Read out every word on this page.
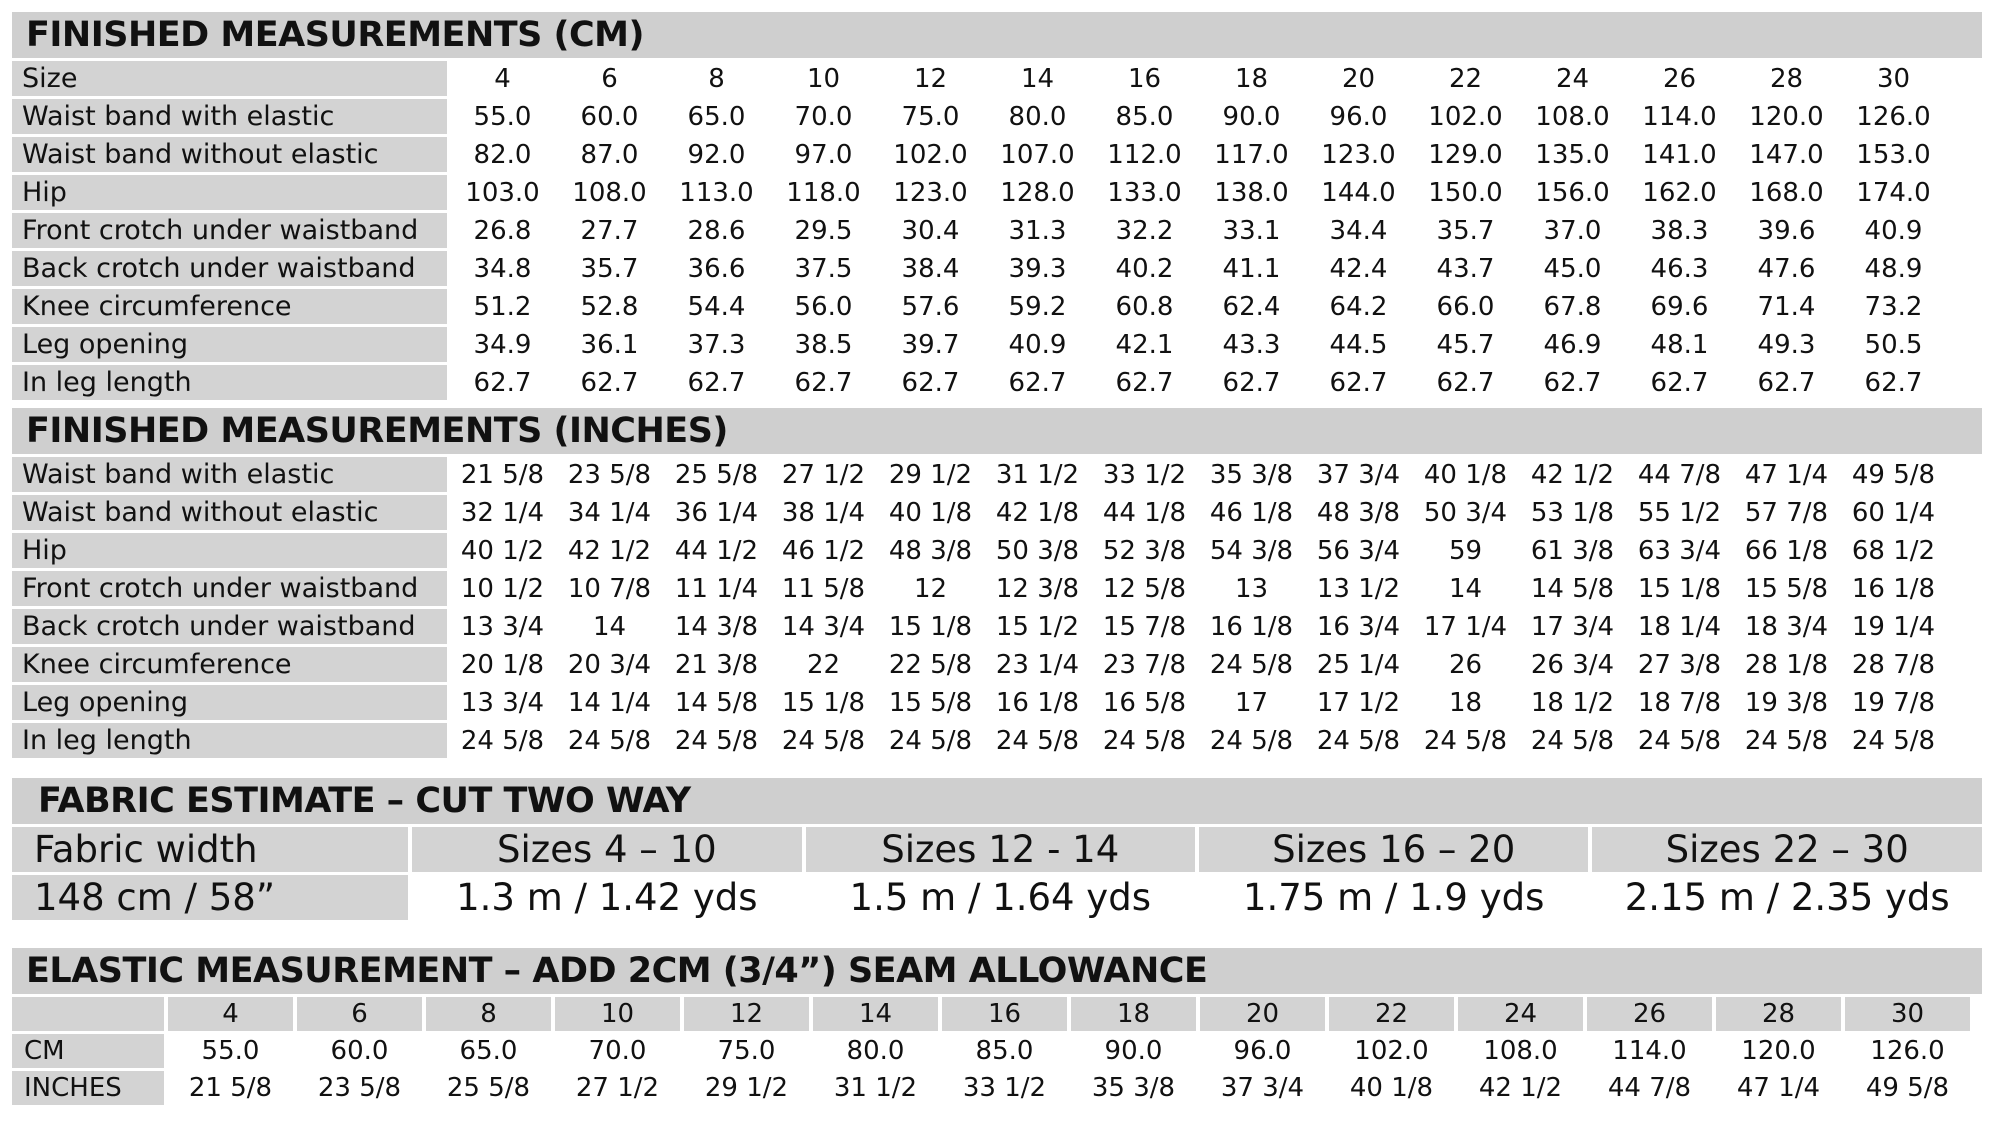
FINISHED MEASUREMENTS (CM)
Size	4	6	8	10	12	14	16	18	20	22	24	26	28	30
Waist band with elastic	55.0	60.0	65.0	70.0	75.0	80.0	85.0	90.0	96.0	102.0	108.0	114.0	120.0	126.0
Waist band without elastic	82.0	87.0	92.0	97.0	102.0	107.0	112.0	117.0	123.0	129.0	135.0	141.0	147.0	153.0
Hip	103.0	108.0	113.0	118.0	123.0	128.0	133.0	138.0	144.0	150.0	156.0	162.0	168.0	174.0
Front crotch under waistband	26.8	27.7	28.6	29.5	30.4	31.3	32.2	33.1	34.4	35.7	37.0	38.3	39.6	40.9
Back crotch under waistband	34.8	35.7	36.6	37.5	38.4	39.3	40.2	41.1	42.4	43.7	45.0	46.3	47.6	48.9
Knee circumference	51.2	52.8	54.4	56.0	57.6	59.2	60.8	62.4	64.2	66.0	67.8	69.6	71.4	73.2
Leg opening	34.9	36.1	37.3	38.5	39.7	40.9	42.1	43.3	44.5	45.7	46.9	48.1	49.3	50.5
In leg length	62.7	62.7	62.7	62.7	62.7	62.7	62.7	62.7	62.7	62.7	62.7	62.7	62.7	62.7
FINISHED MEASUREMENTS (INCHES)
Waist band with elastic	21 5/8	23 5/8	25 5/8	27 1/2	29 1/2	31 1/2	33 1/2	35 3/8	37 3/4	40 1/8	42 1/2	44 7/8	47 1/4	49 5/8
Waist band without elastic	32 1/4	34 1/4	36 1/4	38 1/4	40 1/8	42 1/8	44 1/8	46 1/8	48 3/8	50 3/4	53 1/8	55 1/2	57 7/8	60 1/4
Hip	40 1/2	42 1/2	44 1/2	46 1/2	48 3/8	50 3/8	52 3/8	54 3/8	56 3/4	59	61 3/8	63 3/4	66 1/8	68 1/2
Front crotch under waistband	10 1/2	10 7/8	11 1/4	11 5/8	12	12 3/8	12 5/8	13	13 1/2	14	14 5/8	15 1/8	15 5/8	16 1/8
Back crotch under waistband	13 3/4	14	14 3/8	14 3/4	15 1/8	15 1/2	15 7/8	16 1/8	16 3/4	17 1/4	17 3/4	18 1/4	18 3/4	19 1/4
Knee circumference	20 1/8	20 3/4	21 3/8	22	22 5/8	23 1/4	23 7/8	24 5/8	25 1/4	26	26 3/4	27 3/8	28 1/8	28 7/8
Leg opening	13 3/4	14 1/4	14 5/8	15 1/8	15 5/8	16 1/8	16 5/8	17	17 1/2	18	18 1/2	18 7/8	19 3/8	19 7/8
In leg length	24 5/8	24 5/8	24 5/8	24 5/8	24 5/8	24 5/8	24 5/8	24 5/8	24 5/8	24 5/8	24 5/8	24 5/8	24 5/8	24 5/8
FABRIC ESTIMATE – CUT TWO WAY
Fabric width	Sizes 4 – 10	Sizes 12 - 14	Sizes 16 – 20	Sizes 22 – 30
148 cm / 58”	1.3 m / 1.42 yds	1.5 m / 1.64 yds	1.75 m / 1.9 yds	2.15 m / 2.35 yds
ELASTIC MEASUREMENT – ADD 2CM (3/4”) SEAM ALLOWANCE
	4	6	8	10	12	14	16	18	20	22	24	26	28	30
CM	55.0	60.0	65.0	70.0	75.0	80.0	85.0	90.0	96.0	102.0	108.0	114.0	120.0	126.0
INCHES	21 5/8	23 5/8	25 5/8	27 1/2	29 1/2	31 1/2	33 1/2	35 3/8	37 3/4	40 1/8	42 1/2	44 7/8	47 1/4	49 5/8
